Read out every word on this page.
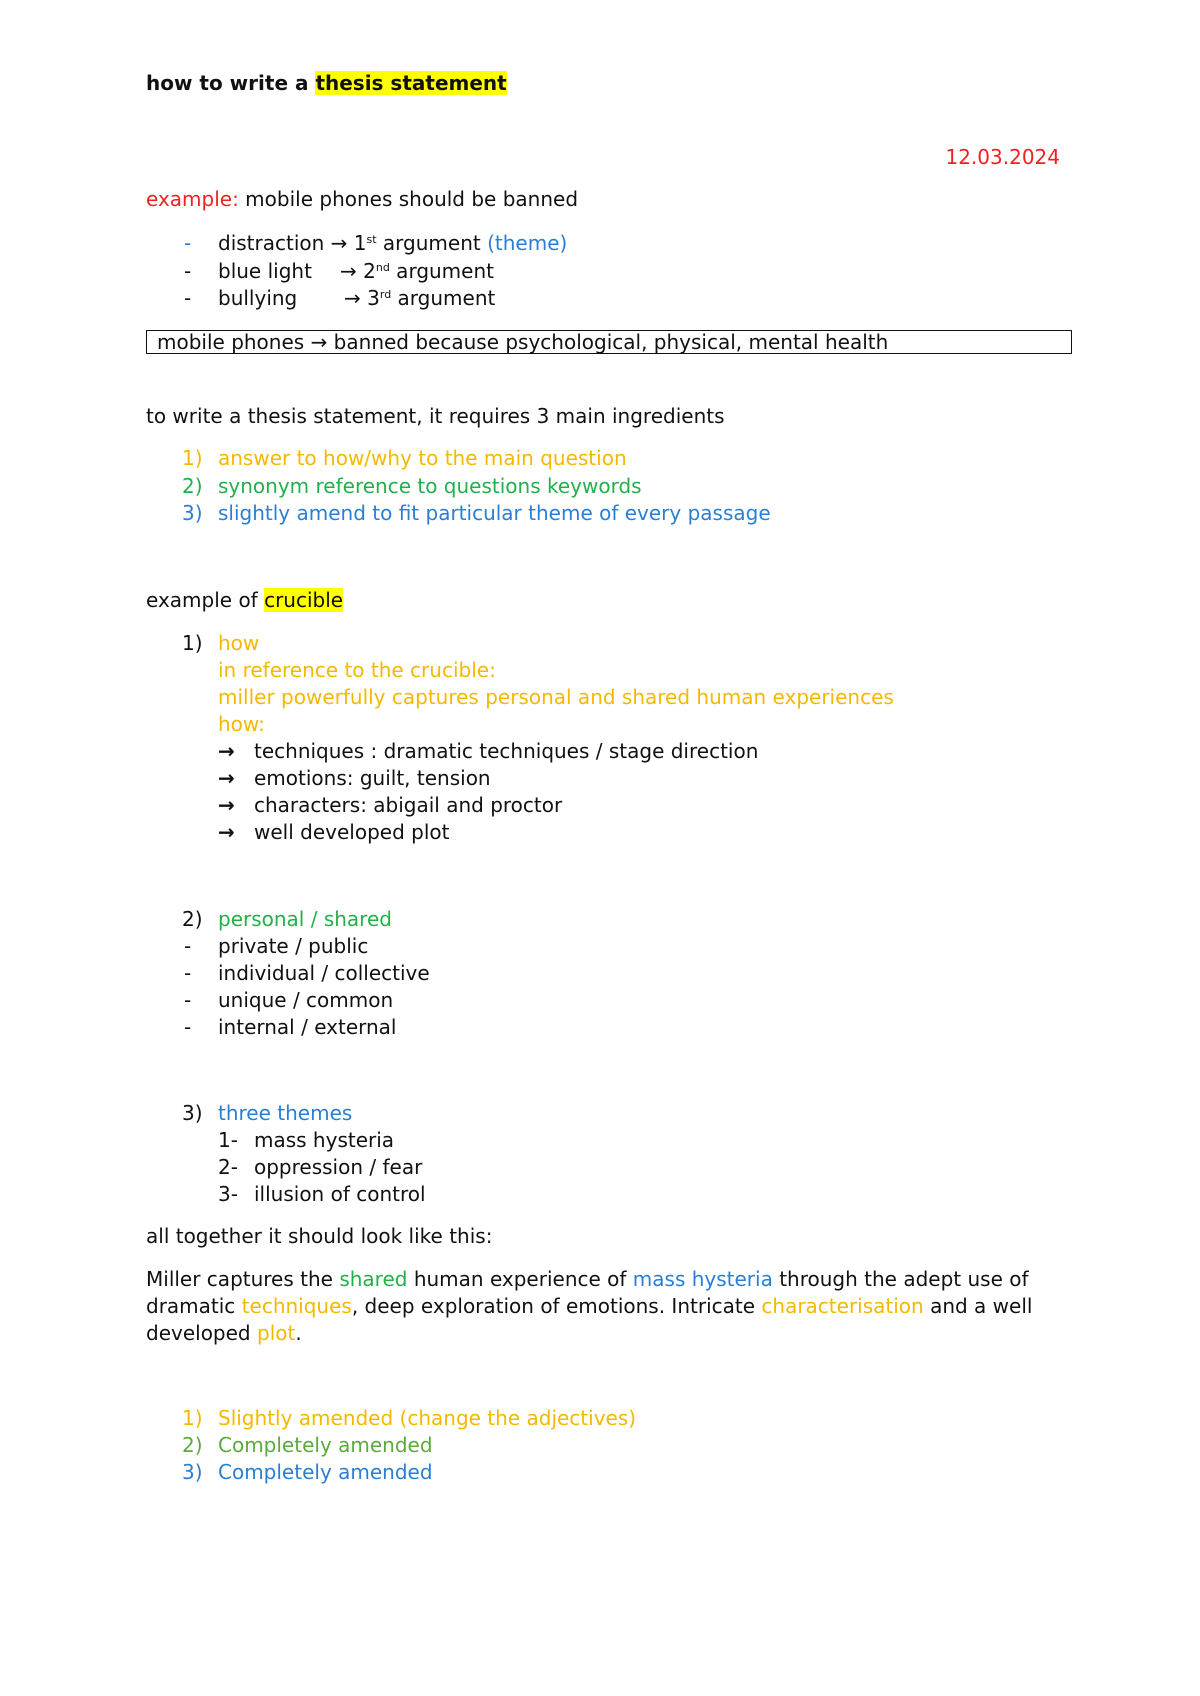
how to write a thesis statement
12.03.2024
example: mobile phones should be banned
-	distraction → 1st argument (theme)
-	blue light → 2nd argument
-	bullying → 3rd argument
mobile phones → banned because psychological, physical, mental health
to write a thesis statement, it requires 3 main ingredients
1) answer to how/why to the main question
2) synonym reference to questions keywords
3) slightly amend to fit particular theme of every passage
example of crucible
1) how
in reference to the crucible:
miller powerfully captures personal and shared human experiences
how:
→ techniques : dramatic techniques / stage direction
→ emotions: guilt, tension
→ characters: abigail and proctor
→ well developed plot
2) personal / shared
-	private / public
-	individual / collective
-	unique / common
-	internal / external
3) three themes
1- mass hysteria
2- oppression / fear
3- illusion of control
all together it should look like this:
Miller captures the shared human experience of mass hysteria through the adept use of
dramatic techniques, deep exploration of emotions. Intricate characterisation and a well
developed plot.
1) Slightly amended (change the adjectives)
2) Completely amended
3) Completely amended
